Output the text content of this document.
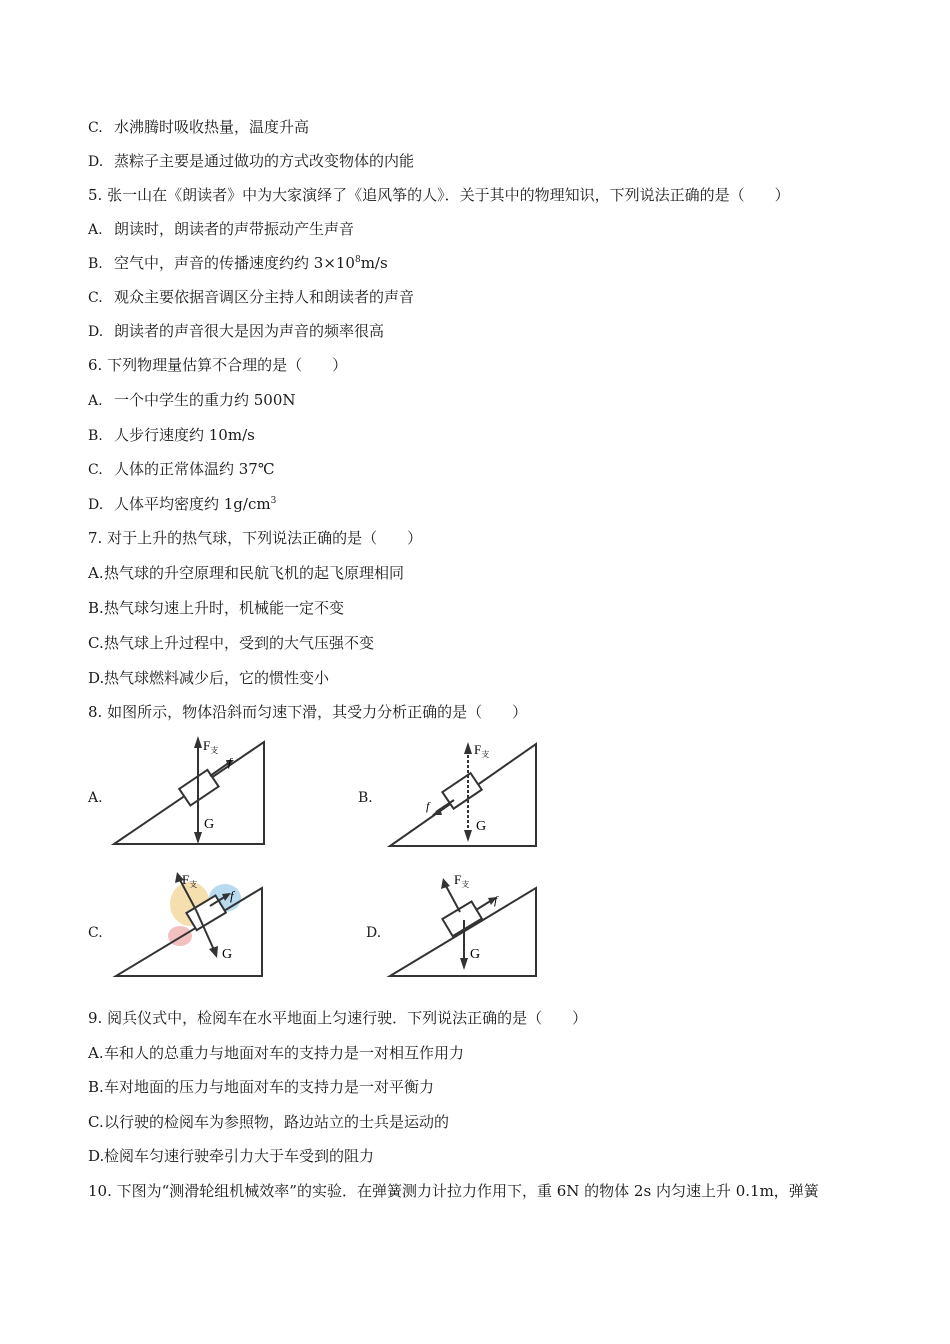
C. 水沸腾时吸收热量，温度升高
D. 蒸粽子主要是通过做功的方式改变物体的内能
5. 张一山在《朗读者》中为大家演绎了《追风筝的人》．关于其中的物理知识，下列说法正确的是（　　）
A. 朗读时，朗读者的声带振动产生声音
B. 空气中，声音的传播速度约约 $3\times 10^8m/s$
C. 观众主要依据音调区分主持人和朗读者的声音
D. 朗读者的声音很大是因为声音的频率很高
6. 下列物理量估算不合理的是（　　）
A. 一个中学生的重力约 500N
B. 人步行速度约 10m/s
C. 人体的正常体温约 37℃
D. 人体平均密度约 $1g/cm^3$
7. 对于上升的热气球，下列说法正确的是（　　）
A.热气球的升空原理和民航飞机的起飞原理相同
B.热气球匀速上升时，机械能一定不变
C.热气球上升过程中，受到的大气压强不变
D.热气球燃料减少后，它的惯性变小
8. 如图所示，物体沿斜而匀速下滑，其受力分析正确的是（　　）
A.
$F_支$
f
G
B.
$F_支$
f
G
C.
$F_支$
f
G
D.
$F_支$
f
G
9. 阅兵仪式中，检阅车在水平地面上匀速行驶．下列说法正确的是（　　）
A.车和人的总重力与地面对车的支持力是一对相互作用力
B.车对地面的压力与地面对车的支持力是一对平衡力
C.以行驶的检阅车为参照物，路边站立的士兵是运动的
D.检阅车匀速行驶牵引力大于车受到的阻力
10. 下图为“测滑轮组机械效率”的实验．在弹簧测力计拉力作用下，重 6N 的物体 2s 内匀速上升 0.1m，弹簧
